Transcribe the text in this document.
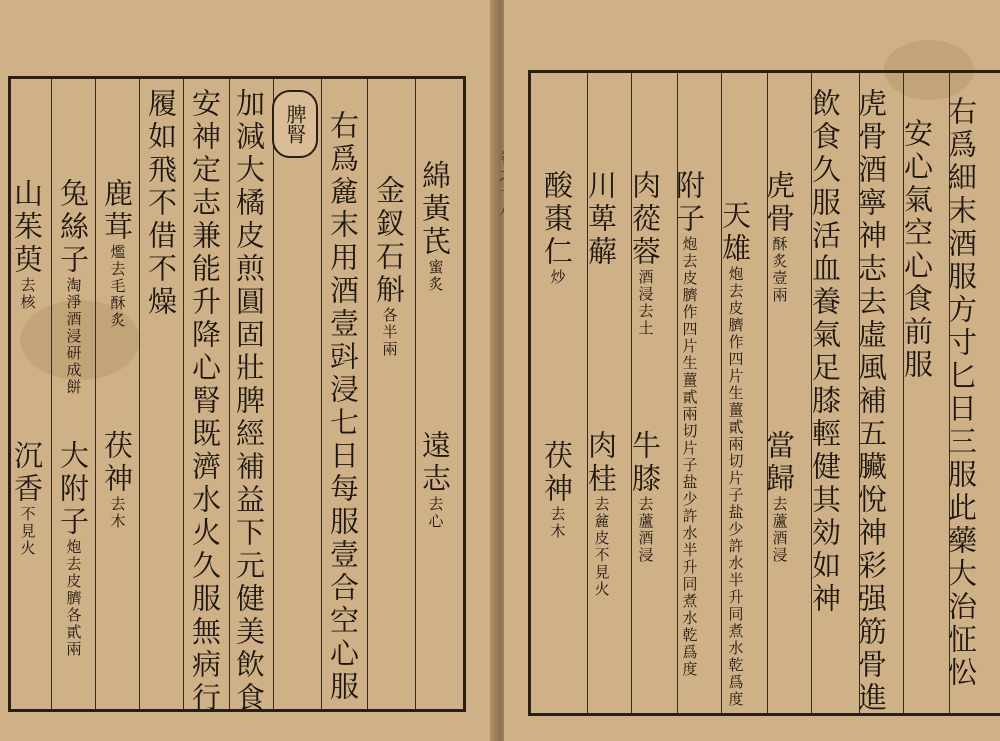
脾腎
綿黃芪
蜜炙
遠志
去心
金釵石斛
各半兩
右爲麄末用酒壹㪷浸七日每服壹合空心服
加減大橘皮煎圓固壯脾經補益下元健美飲食
安神定志兼能升降心腎既濟水火久服無病行
履如飛不借不燥
鹿茸
爁去毛酥炙
茯神
去木
兔絲子
淘淨酒浸研成餅
大附子
炮去皮臍各貳兩
山茱萸
去核
沉香
不見火	右爲細末酒服方寸匕日三服此藥大治怔忪
安心氣空心食前服
虎骨酒寧神志去虛風補五臟悅神彩强筋骨進
飲食久服活血養氣足膝輕健其効如神
虎骨
酥炙壹兩
當歸
去蘆酒浸
天雄
炮去皮臍作四片生薑貳兩切片子盐少許水半升同煮水乾爲度
附子
炮去皮臍作四片生薑貳兩切片子盐少許水半升同煮水乾爲度
肉蓯蓉
酒浸去土
牛膝
去蘆酒浸
川萆薢
肉桂
去麄皮不見火
酸棗仁
炒
茯神
去木
